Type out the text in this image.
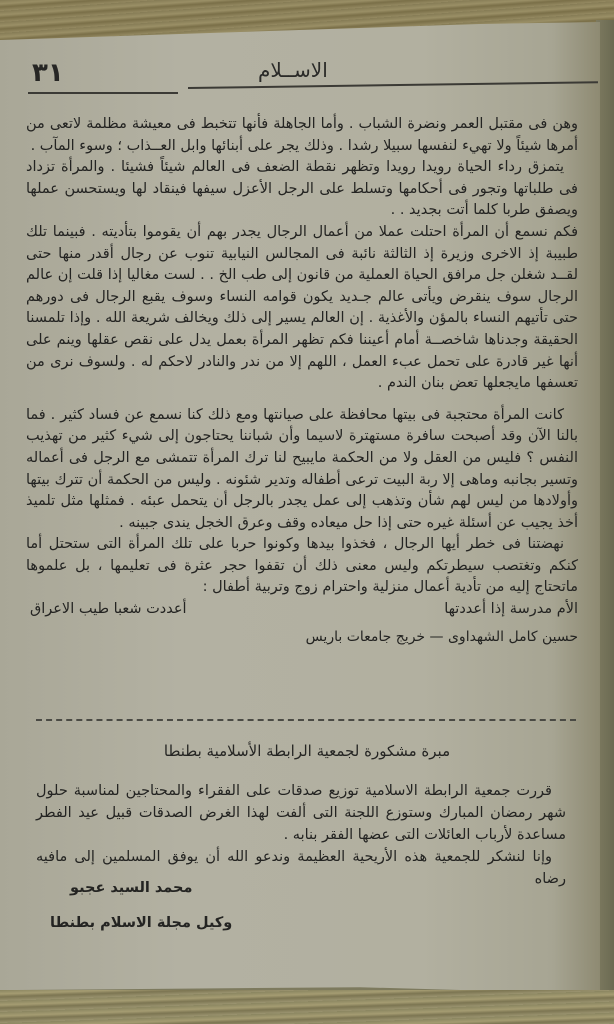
٣١	الاســلام

وهن فى مقتبل العمر ونضرة الشباب . وأما الجاهلة فأنها تتخبط فى معيشة مظلمة لاتعى من أمرها شيئاً ولا تهيء لنفسها سبيلا رشدا . وذلك يجر على أبنائها وابل العــذاب ؛ وسوء المآب .

يتمزق رداء الحياة رويدا رويدا وتظهر نقطة الضعف فى العالم شيئاً فشيئا . والمرأة تزداد فى طلباتها وتجور فى أحكامها وتسلط على الرجل الأعزل سيفها فينقاد لها ويستحسن عملها ويصفق طربا كلما أتت بجديد . .

فكم نسمع أن المرأة احتلت عملا من أعمال الرجال يجدر بهم أن يقوموا بتأديته . فبينما تلك طبيبة إذ الاخرى وزيرة إذ الثالثة نائبة فى المجالس النيابية تنوب عن رجال أقدر منها حتى لقــد شغلن جل مرافق الحياة العملية من قانون إلى طب الخ . . لست مغاليا إذا قلت إن عالم الرجال سوف ينقرض ويأتى عالم جـديد يكون قوامه النساء وسوف يقبع الرجال فى دورهم حتى تأتيهم النساء بالمؤن والأغذية . إن العالم يسير إلى ذلك ويخالف شريعة الله . وإذا تلمسنا الحقيقة وجدناها شاخصــة أمام أعيننا فكم تظهر المرأة بعمل يدل على نقص عقلها وينم على أنها غير قادرة على تحمل عبء العمل ، اللهم إلا من ندر والنادر لاحكم له . ولسوف نرى من تعسفها مايجعلها تعض بنان الندم .

كانت المرأة محتجبة فى بيتها محافظة على صيانتها ومع ذلك كنا نسمع عن فساد كثير . فما بالنا الآن وقد أصبحت سافرة مستهترة لاسيما وأن شباننا يحتاجون إلى شيء كثير من تهذيب النفس ؟ فليس من العقل ولا من الحكمة مايبيح لنا ترك المرأة تتمشى مع الرجل فى أعماله وتسير بجانبه وماهى إلا ربة البيت ترعى أطفاله وتدير شئونه . وليس من الحكمة أن تترك بيتها وأولادها من ليس لهم شأن وتذهب إلى عمل يجدر بالرجل أن يتحمل عبئه . فمثلها مثل تلميذ أخذ يجيب عن أسئلة غيره حتى إذا حل ميعاده وقف وعرق الخجل يندى جبينه .

نهضتنا فى خطر أيها الرجال ، فخذوا بيدها وكونوا حربا على تلك المرأة التى ستحتل أما كنكم وتغتصب سيطرتكم وليس معنى ذلك أن تقفوا حجر عثرة فى تعليمها ، بل علموها ماتحتاج إليه من تأدية أعمال منزلية واحترام زوج وتربية أطفال :

الأم مدرسة إذا أعددتها
أعددت شعبا طيب الاعراق
حسين كامل الشهداوى — خريج جامعات باريس
مبرة مشكورة لجمعية الرابطة الأسلامية بطنطا

قررت جمعية الرابطة الاسلامية توزيع صدقات على الفقراء والمحتاجين لمناسبة حلول شهر رمضان المبارك وستوزع اللجنة التى ألفت لهذا الغرض الصدقات قبيل عيد الفطر مساعدة لأرباب العائلات التى عضها الفقر بنابه .

وإنا لنشكر للجمعية هذه الأريحية العظيمة وندعو الله أن يوفق المسلمين إلى مافيه رضاه

محمد السيد عجبو
وكيل مجلة الاسلام بطنطا
